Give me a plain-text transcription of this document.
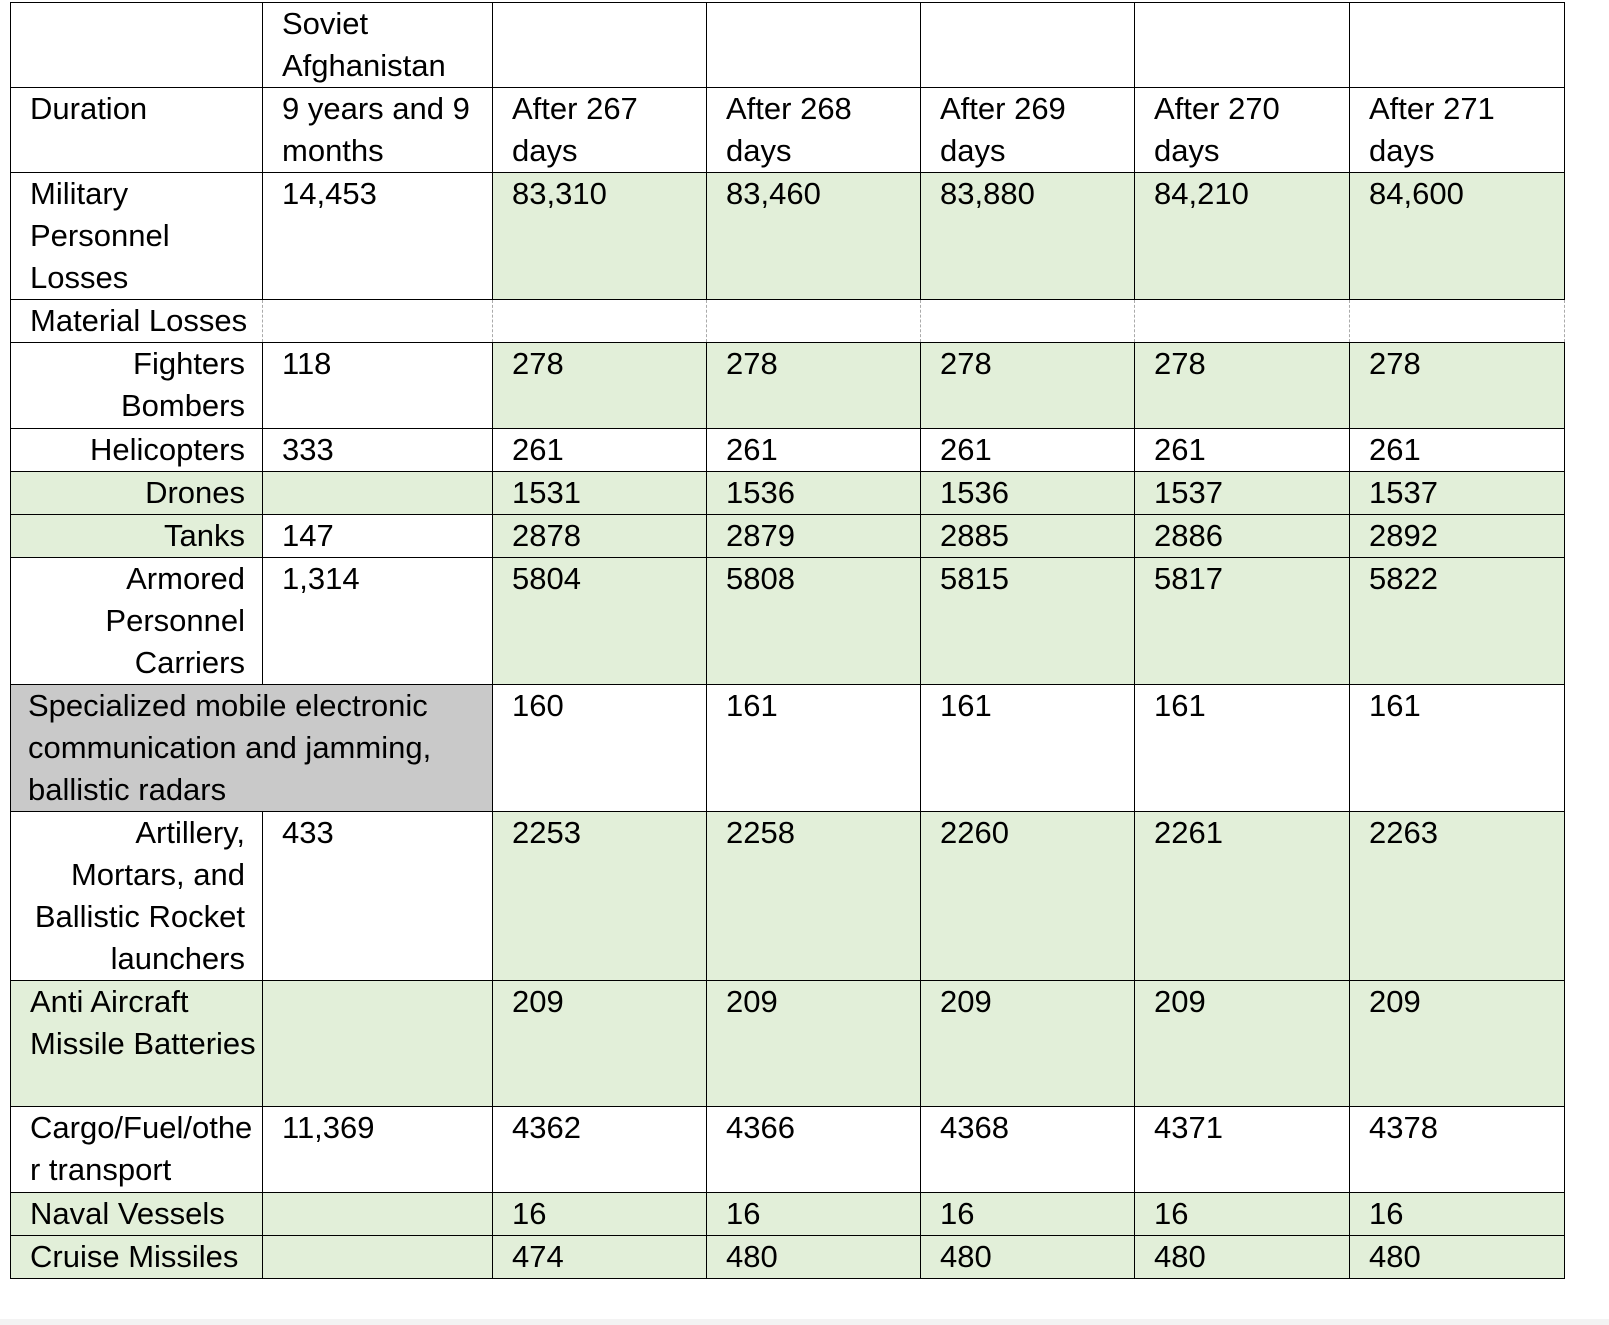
	Soviet Afghanistan					
Duration	9 years and 9 months	After 267 days	After 268 days	After 269 days	After 270 days	After 271 days
Military Personnel Losses	14,453	83,310	83,460	83,880	84,210	84,600
Material Losses						
Fighters Bombers	118	278	278	278	278	278
Helicopters	333	261	261	261	261	261
Drones		1531	1536	1536	1537	1537
Tanks	147	2878	2879	2885	2886	2892
Armored Personnel Carriers	1,314	5804	5808	5815	5817	5822
Specialized mobile electronic communication and jamming, ballistic radars		160	161	161	161	161
Artillery, Mortars, and Ballistic Rocket launchers	433	2253	2258	2260	2261	2263
Anti Aircraft Missile Batteries		209	209	209	209	209

Cargo/Fuel/other transport	11,369	4362	4366	4368	4371	4378
Naval Vessels		16	16	16	16	16
Cruise Missiles		474	480	480	480	480
